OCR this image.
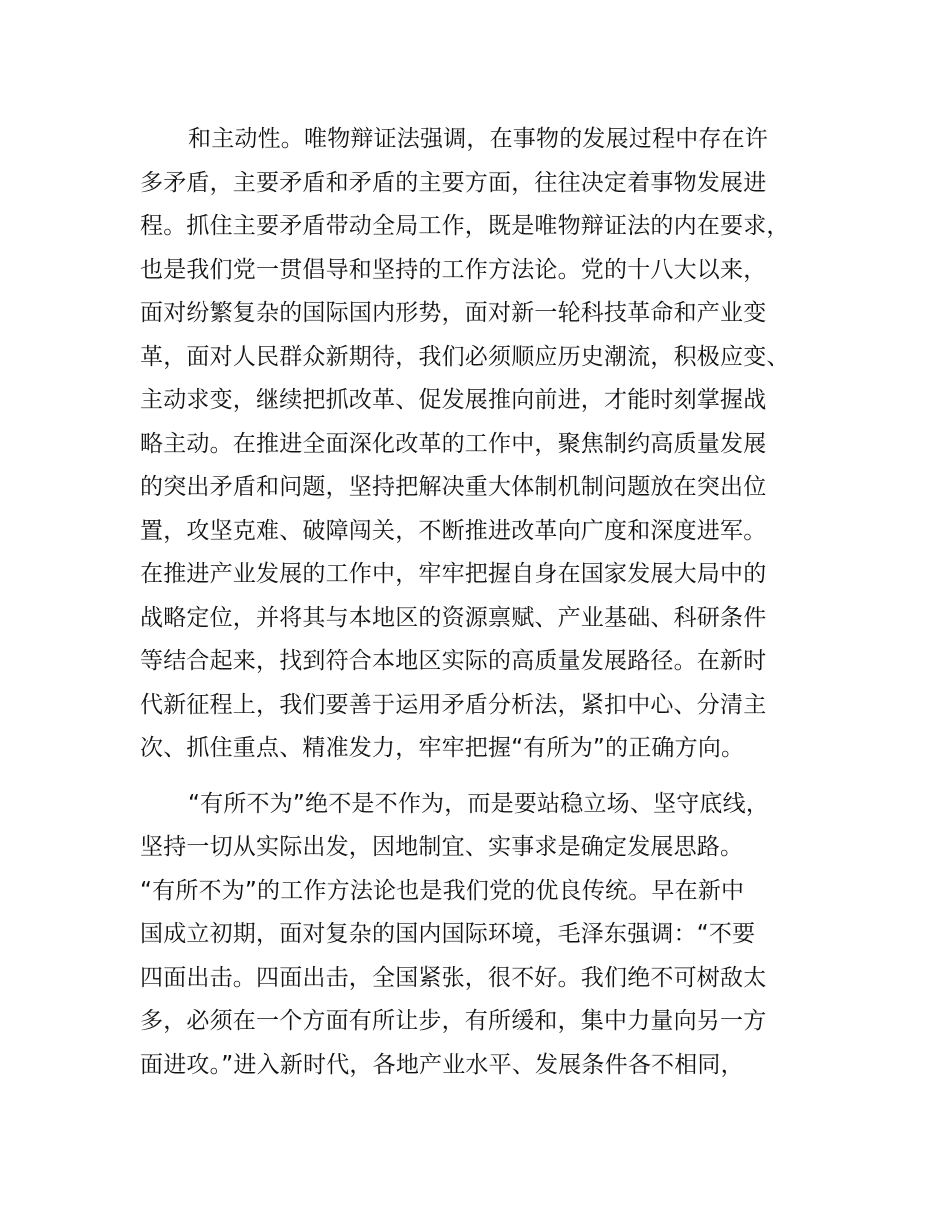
和主动性。唯物辩证法强调，在事物的发展过程中存在许
多矛盾，主要矛盾和矛盾的主要方面，往往决定着事物发展进
程。抓住主要矛盾带动全局工作，既是唯物辩证法的内在要求，
也是我们党一贯倡导和坚持的工作方法论。党的十八大以来，
面对纷繁复杂的国际国内形势，面对新一轮科技革命和产业变
革，面对人民群众新期待，我们必须顺应历史潮流，积极应变、
主动求变，继续把抓改革、促发展推向前进，才能时刻掌握战
略主动。在推进全面深化改革的工作中，聚焦制约高质量发展
的突出矛盾和问题，坚持把解决重大体制机制问题放在突出位
置，攻坚克难、破障闯关，不断推进改革向广度和深度进军。
在推进产业发展的工作中，牢牢把握自身在国家发展大局中的
战略定位，并将其与本地区的资源禀赋、产业基础、科研条件
等结合起来，找到符合本地区实际的高质量发展路径。在新时
代新征程上，我们要善于运用矛盾分析法，紧扣中心、分清主
次、抓住重点、精准发力，牢牢把握“有所为”的正确方向。
“有所不为”绝不是不作为，而是要站稳立场、坚守底线，
坚持一切从实际出发，因地制宜、实事求是确定发展思路。
“有所不为”的工作方法论也是我们党的优良传统。早在新中
国成立初期，面对复杂的国内国际环境，毛泽东强调：“不要
四面出击。四面出击，全国紧张，很不好。我们绝不可树敌太
多，必须在一个方面有所让步，有所缓和，集中力量向另一方
面进攻。”进入新时代，各地产业水平、发展条件各不相同，
